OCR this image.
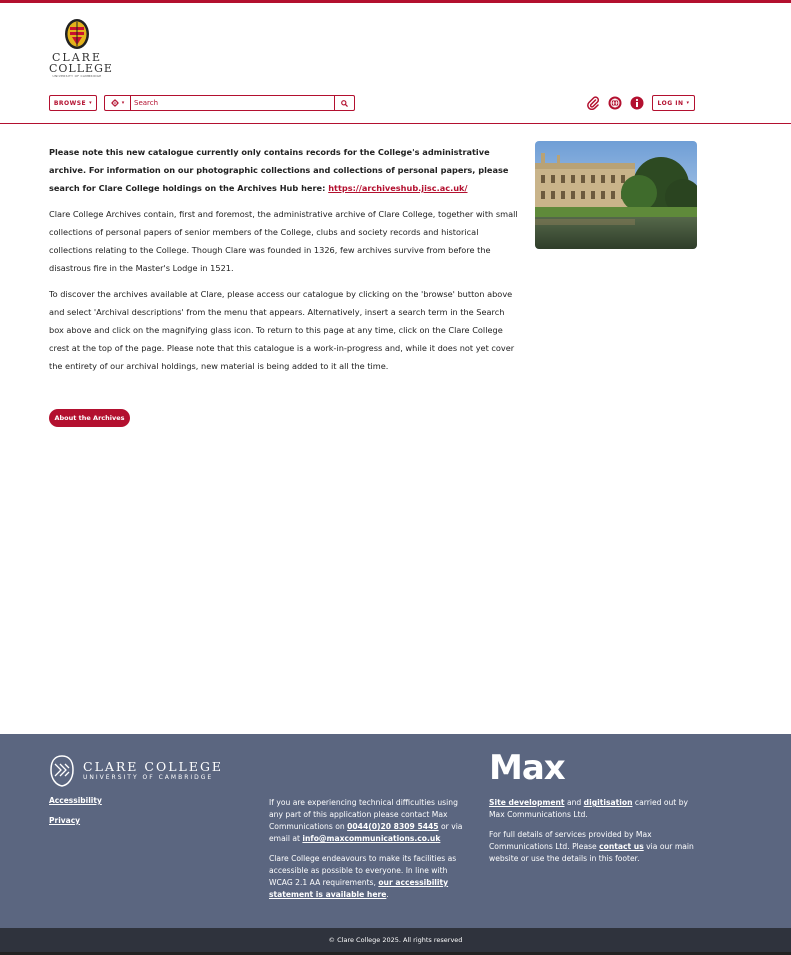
CLARE
COLLEGE
UNIVERSITY OF CAMBRIDGE
BROWSE ▾	▾
Search	LOG IN ▾

Please note this new catalogue currently only contains records for the College's administrative archive. For information on our photographic collections and collections of personal papers, please search for Clare College holdings on the Archives Hub here: https://archiveshub.jisc.ac.uk/

Clare College Archives contain, first and foremost, the administrative archive of Clare College, together with small collections of personal papers of senior members of the College, clubs and society records and historical collections relating to the College. Though Clare was founded in 1326, few archives survive from before the disastrous fire in the Master's Lodge in 1521.

To discover the archives available at Clare, please access our catalogue by clicking on the 'browse' button above and select 'Archival descriptions' from the menu that appears. Alternatively, insert a search term in the Search box above and click on the magnifying glass icon. To return to this page at any time, click on the Clare College crest at the top of the page. Please note that this catalogue is a work-in-progress and, while it does not yet cover the entirety of our archival holdings, new material is being added to it all the time.

About the Archives
CLARE COLLEGE
UNIVERSITY OF CAMBRIDGE
Accessibility
Privacy

If you are experiencing technical difficulties using any part of this application please contact Max Communications on 0044(0)20 8309 5445 or via email at info@maxcommunications.co.uk

Clare College endeavours to make its facilities as accessible as possible to everyone. In line with WCAG 2.1 AA requirements, our accessibility statement is available here.

Max

Site development and digitisation carried out by Max Communications Ltd.

For full details of services provided by Max Communications Ltd. Please contact us via our main website or use the details in this footer.

© Clare College 2025. All rights reserved
